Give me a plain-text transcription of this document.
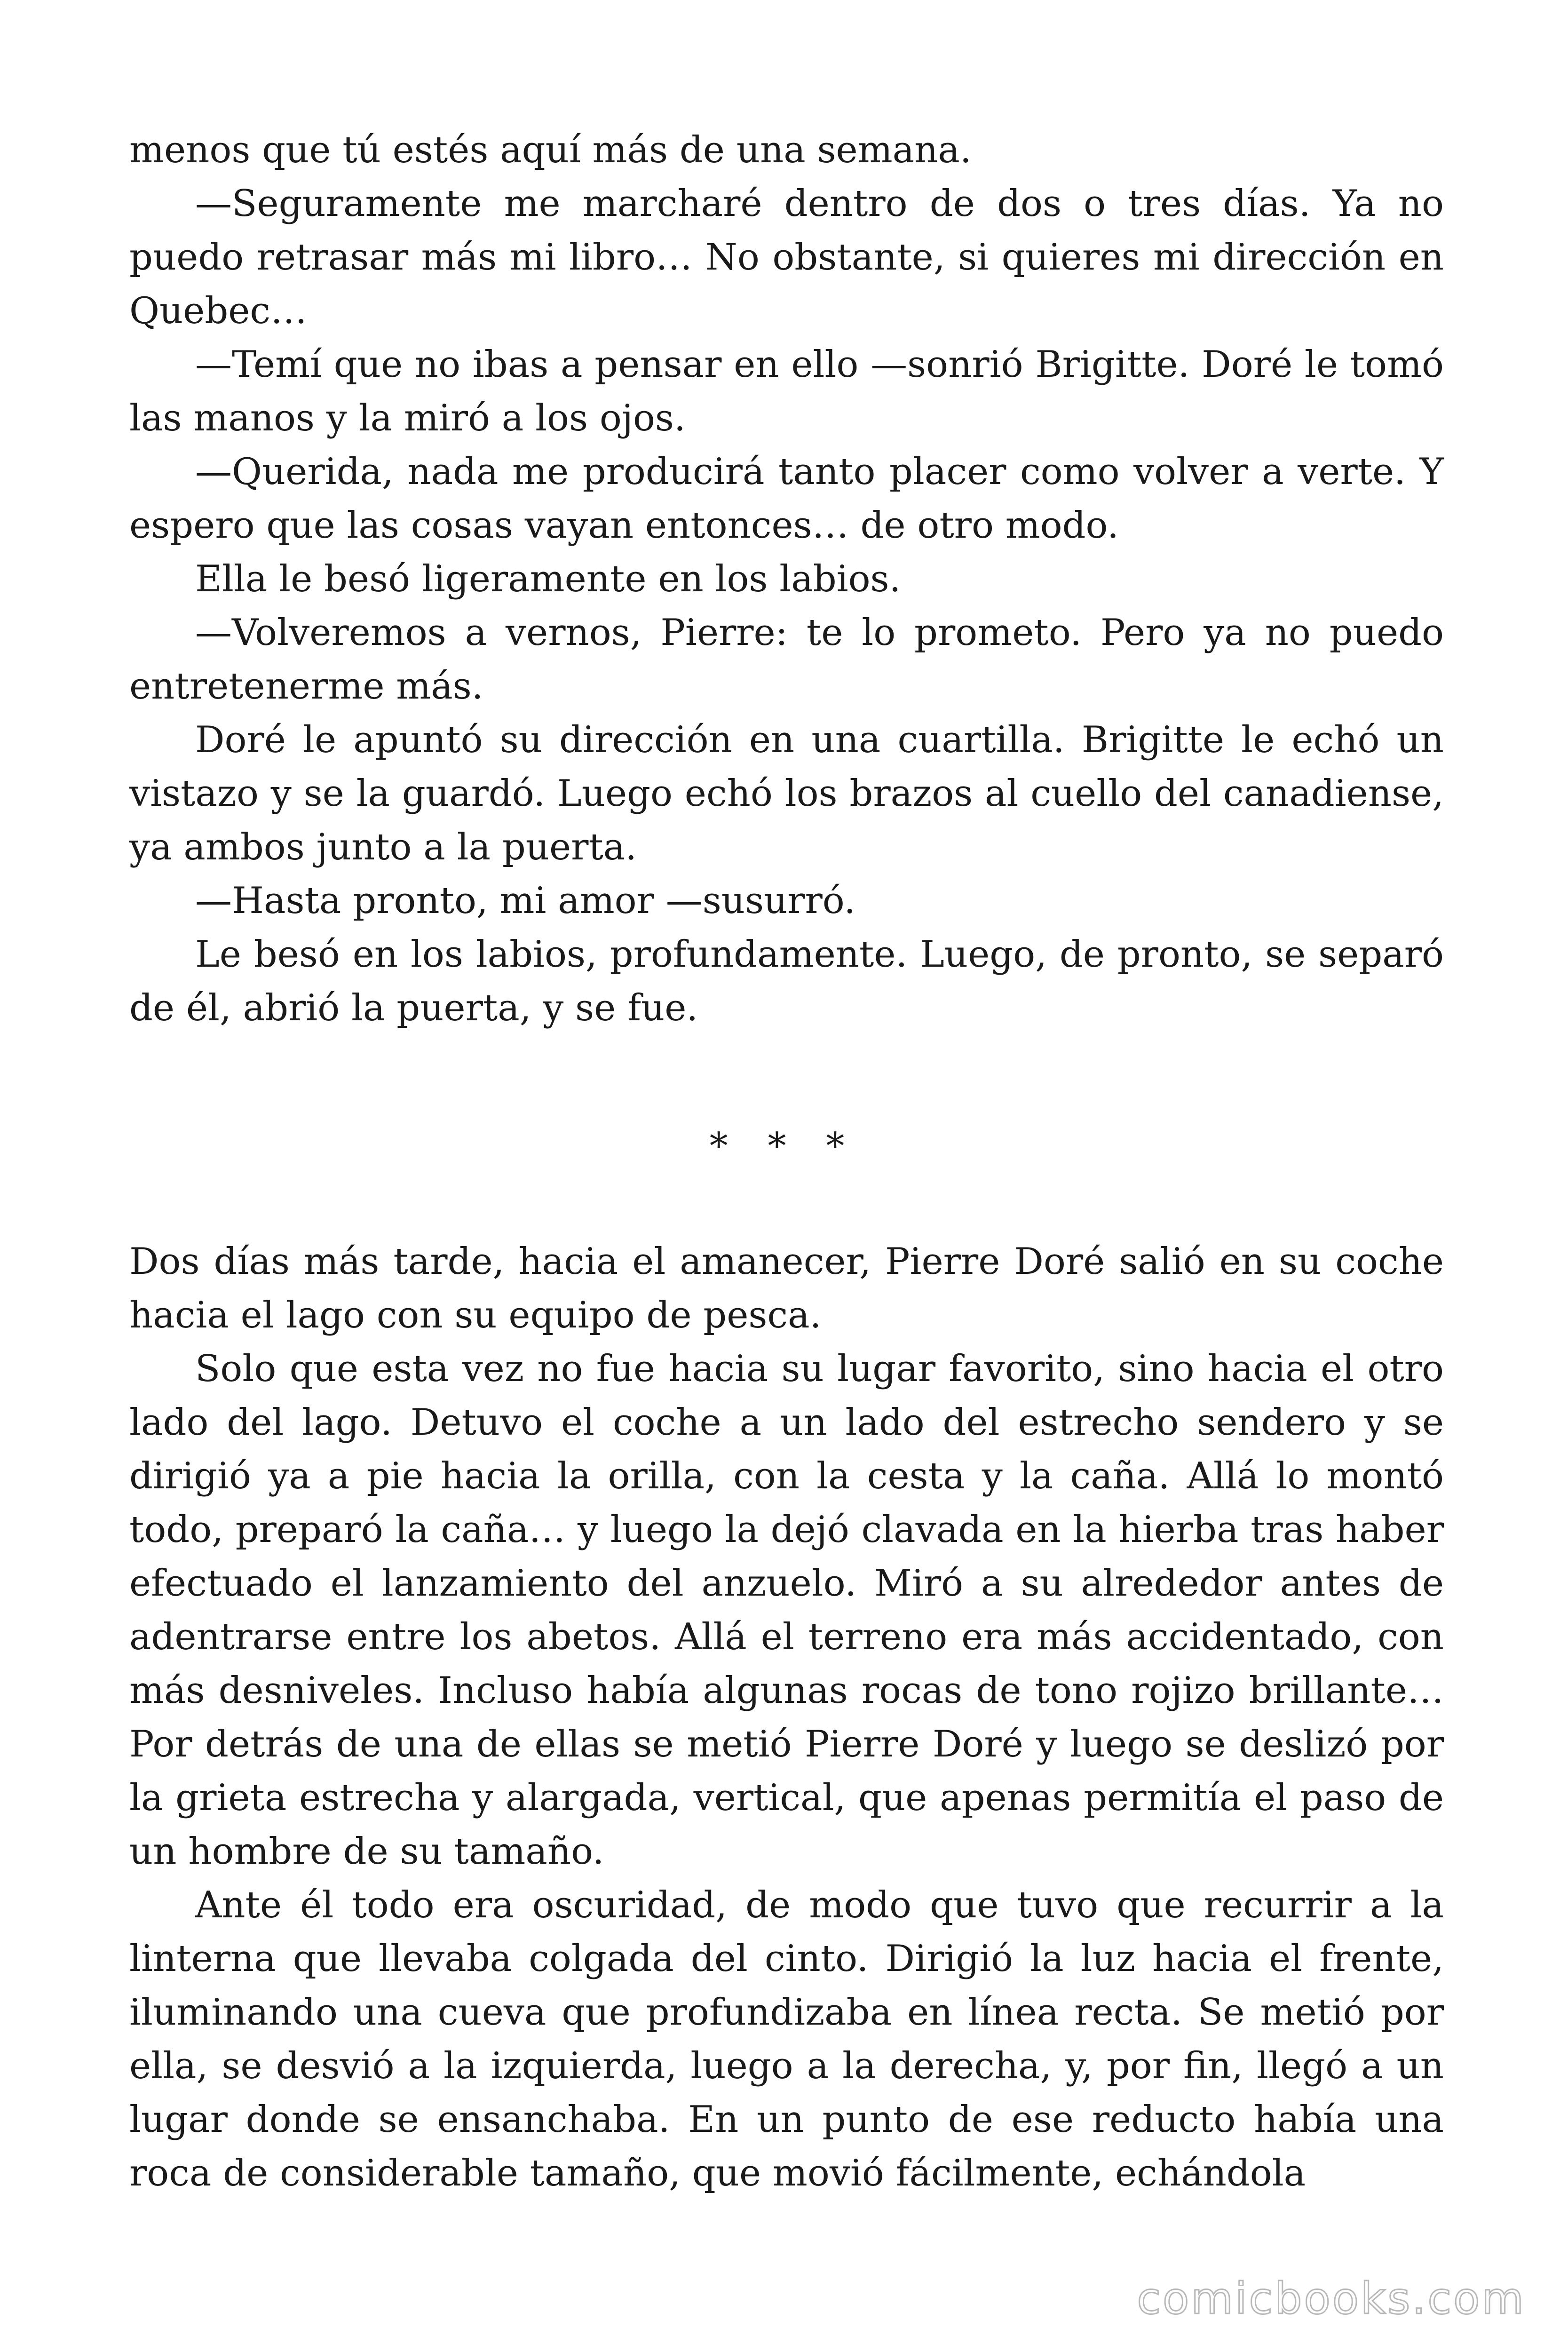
menos que tú estés aquí más de una semana.

—Seguramente me marcharé dentro de dos o tres días. Ya no puedo retrasar más mi libro… No obstante, si quieres mi dirección en Quebec…

—Temí que no ibas a pensar en ello —sonrió Brigitte. Doré le tomó las manos y la miró a los ojos.

—Querida, nada me producirá tanto placer como volver a verte. Y espero que las cosas vayan entonces… de otro modo.

Ella le besó ligeramente en los labios.

—Volveremos a vernos, Pierre: te lo prometo. Pero ya no puedo entretenerme más.

Doré le apuntó su dirección en una cuartilla. Brigitte le echó un vistazo y se la guardó. Luego echó los brazos al cuello del canadiense, ya ambos junto a la puerta.

—Hasta pronto, mi amor —susurró.

Le besó en los labios, profundamente. Luego, de pronto, se separó de él, abrió la puerta, y se fue.

* * *

Dos días más tarde, hacia el amanecer, Pierre Doré salió en su coche hacia el lago con su equipo de pesca.

Solo que esta vez no fue hacia su lugar favorito, sino hacia el otro lado del lago. Detuvo el coche a un lado del estrecho sendero y se dirigió ya a pie hacia la orilla, con la cesta y la caña. Allá lo montó todo, preparó la caña… y luego la dejó clavada en la hierba tras haber efectuado el lanzamiento del anzuelo. Miró a su alrededor antes de adentrarse entre los abetos. Allá el terreno era más accidentado, con más desniveles. Incluso había algunas rocas de tono rojizo brillante… Por detrás de una de ellas se metió Pierre Doré y luego se deslizó por la grieta estrecha y alargada, vertical, que apenas permitía el paso de un hombre de su tamaño.

Ante él todo era oscuridad, de modo que tuvo que recurrir a la linterna que llevaba colgada del cinto. Dirigió la luz hacia el frente, iluminando una cueva que profundizaba en línea recta. Se metió por ella, se desvió a la izquierda, luego a la derecha, y, por fin, llegó a un lugar donde se ensanchaba. En un punto de ese reducto había una roca de considerable tamaño, que movió fácilmente, echándola

comicbooks.com
